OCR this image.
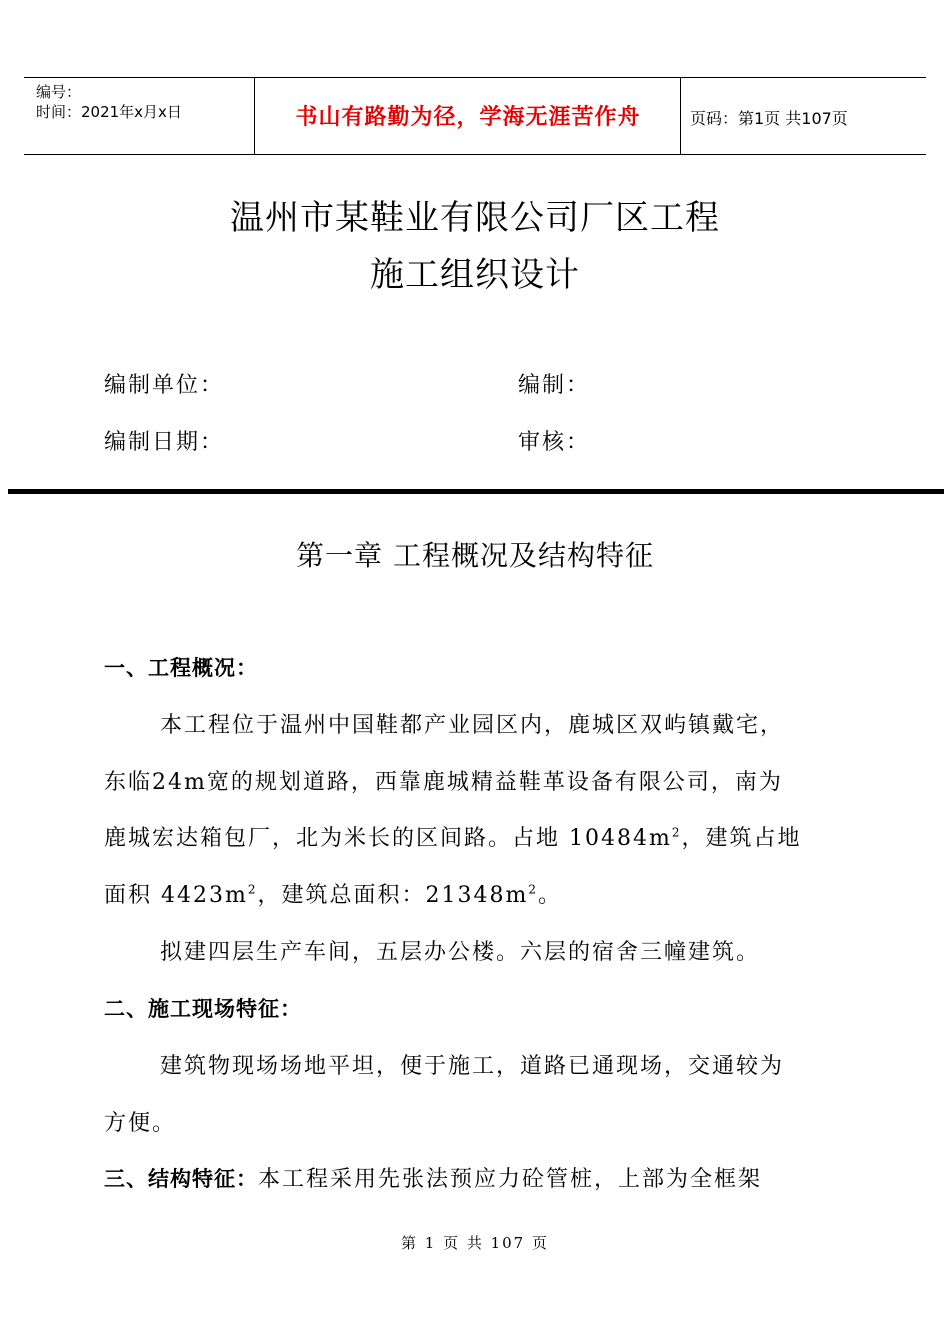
编号：
时间：2021年x月x日	书山有路勤为径，学海无涯苦作舟	页码：第1页 共107页
温州市某鞋业有限公司厂区工程
施工组织设计
编制单位：	编制：
编制日期：	审核：
第一章 工程概况及结构特征
一、工程概况：
本工程位于温州中国鞋都产业园区内，鹿城区双屿镇戴宅，
东临24m宽的规划道路，西靠鹿城精益鞋革设备有限公司，南为
鹿城宏达箱包厂，北为米长的区间路。占地 $10484m^2$，建筑占地
面积 $4423m^2$，建筑总面积：$21348m^2$。
拟建四层生产车间，五层办公楼。六层的宿舍三幢建筑。
二、施工现场特征：
建筑物现场场地平坦，便于施工，道路已通现场，交通较为
方便。
三、结构特征：本工程采用先张法预应力砼管桩，上部为全框架
第 1 页 共 107 页
